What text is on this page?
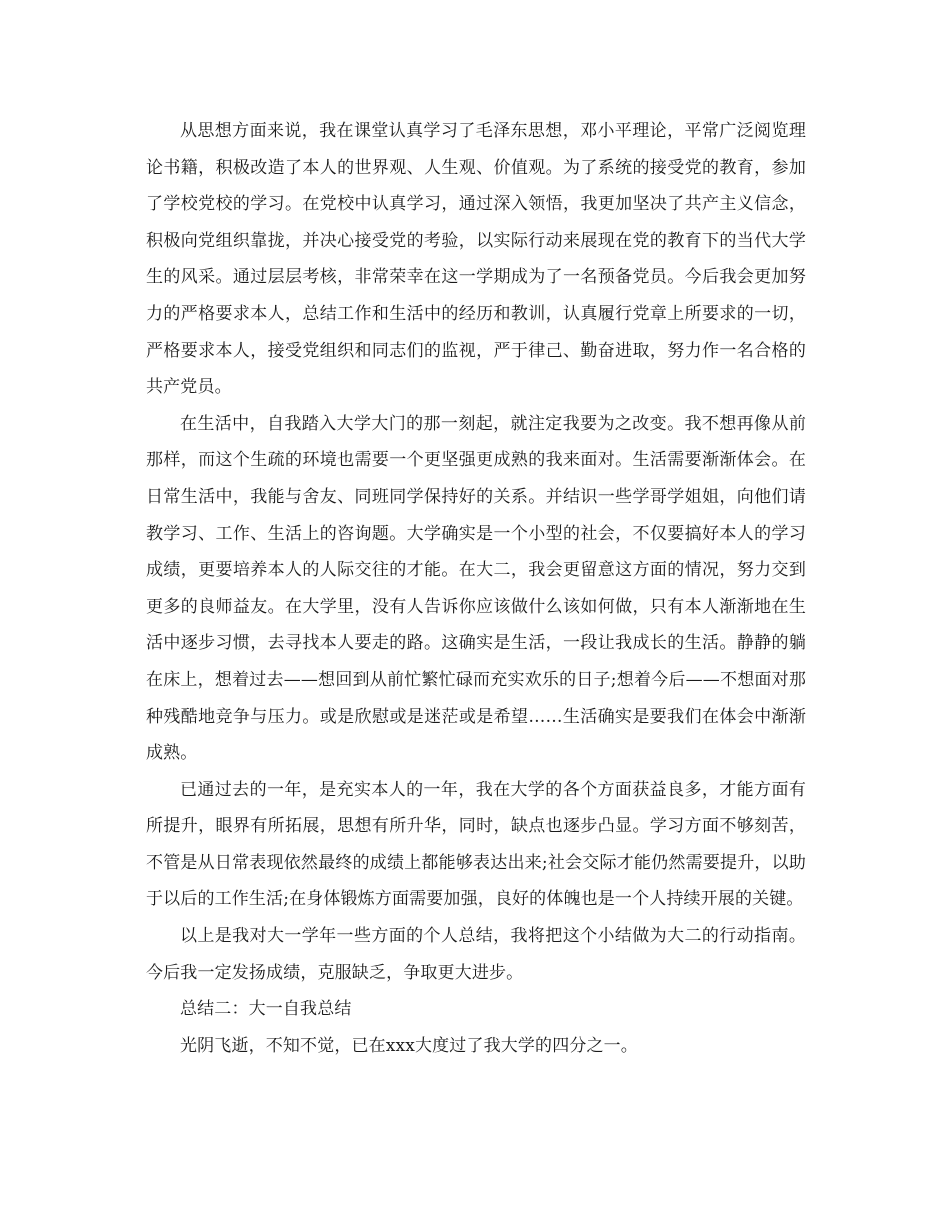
从思想方面来说，我在课堂认真学习了毛泽东思想，邓小平理论，平常广泛阅览理论书籍，积极改造了本人的世界观、人生观、价值观。为了系统的接受党的教育，参加了学校党校的学习。在党校中认真学习，通过深入领悟，我更加坚决了共产主义信念，积极向党组织靠拢，并决心接受党的考验，以实际行动来展现在党的教育下的当代大学生的风采。通过层层考核，非常荣幸在这一学期成为了一名预备党员。今后我会更加努力的严格要求本人，总结工作和生活中的经历和教训，认真履行党章上所要求的一切，严格要求本人，接受党组织和同志们的监视，严于律己、勤奋进取，努力作一名合格的共产党员。

在生活中，自我踏入大学大门的那一刻起，就注定我要为之改变。我不想再像从前那样，而这个生疏的环境也需要一个更坚强更成熟的我来面对。生活需要渐渐体会。在日常生活中，我能与舍友、同班同学保持好的关系。并结识一些学哥学姐姐，向他们请教学习、工作、生活上的咨询题。大学确实是一个小型的社会，不仅要搞好本人的学习成绩，更要培养本人的人际交往的才能。在大二，我会更留意这方面的情况，努力交到更多的良师益友。在大学里，没有人告诉你应该做什么该如何做，只有本人渐渐地在生活中逐步习惯，去寻找本人要走的路。这确实是生活，一段让我成长的生活。静静的躺在床上，想着过去——想回到从前忙繁忙碌而充实欢乐的日子;想着今后——不想面对那种残酷地竞争与压力。或是欣慰或是迷茫或是希望……生活确实是要我们在体会中渐渐成熟。

已通过去的一年，是充实本人的一年，我在大学的各个方面获益良多，才能方面有所提升，眼界有所拓展，思想有所升华，同时，缺点也逐步凸显。学习方面不够刻苦，不管是从日常表现依然最终的成绩上都能够表达出来;社会交际才能仍然需要提升，以助于以后的工作生活;在身体锻炼方面需要加强，良好的体魄也是一个人持续开展的关键。

以上是我对大一学年一些方面的个人总结，我将把这个小结做为大二的行动指南。今后我一定发扬成绩，克服缺乏，争取更大进步。

总结二：大一自我总结

光阴飞逝，不知不觉，已在xxx大度过了我大学的四分之一。
